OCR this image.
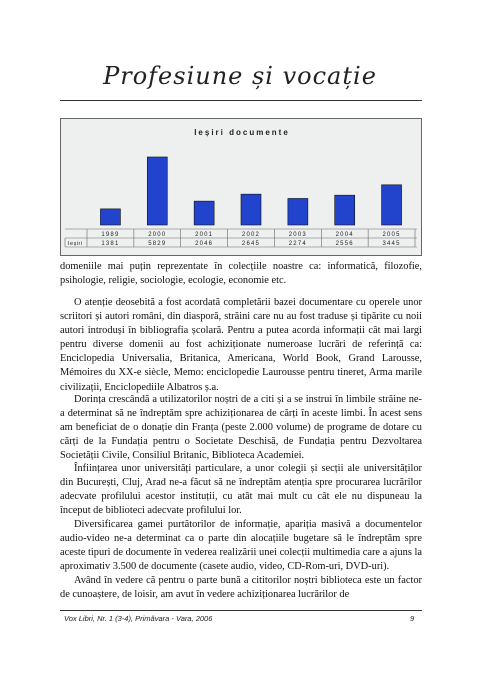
Profesiune și vocație
Ieșiri documente
1989
1381
2000
5829
2001
2046
2002
2645
2003
2274
2004
2556
2005
3445
Ieșiri

domeniile mai puțin reprezentate în colecțiile noastre ca: informatică, filozofie, psihologie, religie, sociologie, ecologie, economie etc.

O atenție deosebită a fost acordată completării bazei documentare cu operele unor scriitori și autori români, din diasporă, străini care nu au fost traduse și tipărite cu noii autori introduși în bibliografia școlară. Pentru a putea acorda informații cât mai largi pentru diverse domenii au fost achiziționate numeroase lucrări de referință ca: Enciclopedia Universalia, Britanica, Americana, World Book, Grand Larousse, Mémoires du XX-e siècle, Memo: enciclopedie Laurousse pentru tineret, Arma marile civilizații, Enciclopediile Albatros ș.a.

Dorința crescândă a utilizatorilor noștri de a citi și a se instrui în limbile străine ne-a determinat să ne îndreptăm spre achiziționarea de cărți în aceste limbi. În acest sens am beneficiat de o donație din Franța (peste 2.000 volume) de programe de dotare cu cărți de la Fundația pentru o Societate Deschisă, de Fundația pentru Dezvoltarea Societății Civile, Consiliul Britanic, Biblioteca Academiei.

Înființarea unor universități particulare, a unor colegii și secții ale universităților din București, Cluj, Arad ne-a făcut să ne îndreptăm atenția spre procurarea lucrărilor adecvate profilului acestor instituții, cu atât mai mult cu cât ele nu dispuneau la început de biblioteci adecvate profilului lor.

Diversificarea gamei purtătorilor de informație, apariția masivă a documentelor audio-video ne-a determinat ca o parte din alocațiile bugetare să le îndreptăm spre aceste tipuri de documente în vederea realizării unei colecții multimedia care a ajuns la aproximativ 3.500 de documente (casete audio, video, CD-Rom-uri, DVD-uri).

Având în vedere că pentru o parte bună a cititorilor noștri biblioteca este un factor de cunoaștere, de loisir, am avut în vedere achiziționarea lucrărilor de

Vox Libri, Nr. 1 (3-4), Primăvara - Vara, 2006	9
